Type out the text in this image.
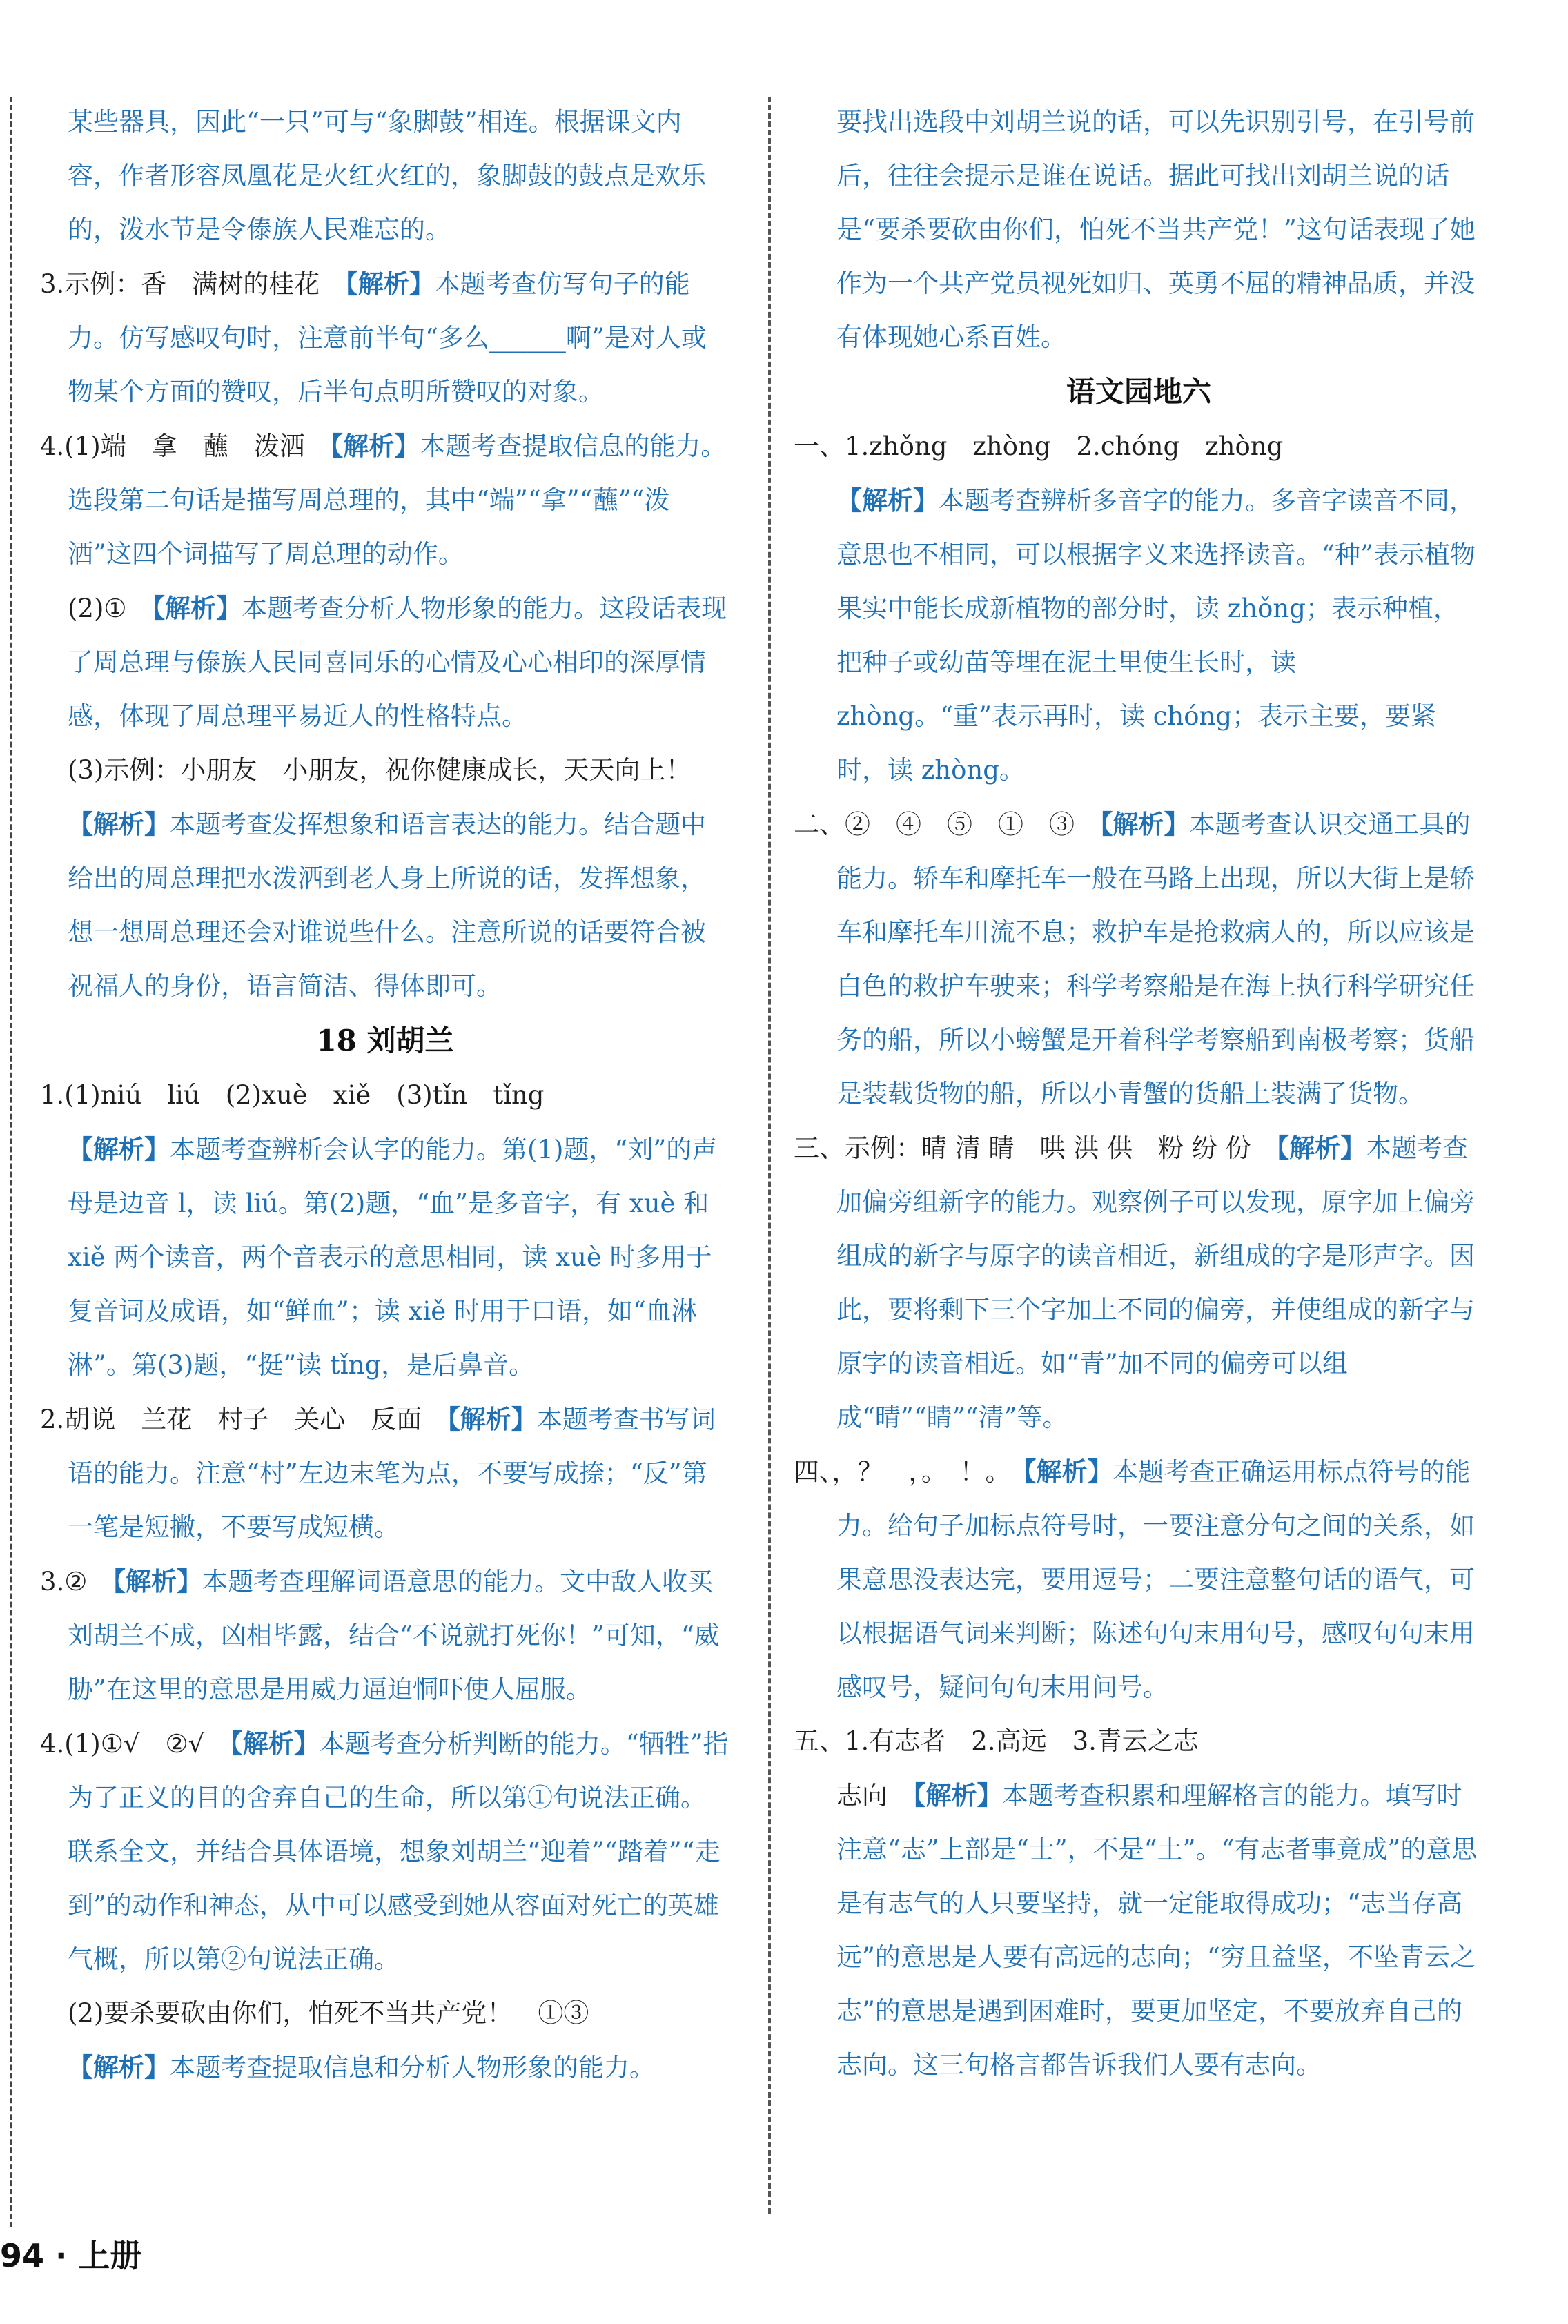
某些器具，因此“一只”可与“象脚鼓”相连。根据课文内容，作者形容凤凰花是火红火红的，象脚鼓的鼓点是欢乐的，泼水节是令傣族人民难忘的。

3.示例：香　满树的桂花　【解析】本题考查仿写句子的能力。仿写感叹句时，注意前半句“多么______啊”是对人或物某个方面的赞叹，后半句点明所赞叹的对象。

4.(1)端　拿　蘸　泼洒　【解析】本题考查提取信息的能力。选段第二句话是描写周总理的，其中“端”“拿”“蘸”“泼洒”这四个词描写了周总理的动作。

(2)①　【解析】本题考查分析人物形象的能力。这段话表现了周总理与傣族人民同喜同乐的心情及心心相印的深厚情感，体现了周总理平易近人的性格特点。

(3)示例：小朋友　小朋友，祝你健康成长，天天向上！

【解析】本题考查发挥想象和语言表达的能力。结合题中给出的周总理把水泼洒到老人身上所说的话，发挥想象，想一想周总理还会对谁说些什么。注意所说的话要符合被祝福人的身份，语言简洁、得体即可。

18 刘胡兰

1.(1)niú　liú　(2)xuè　xiě　(3)tǐn　tǐng

【解析】本题考查辨析会认字的能力。第(1)题，“刘”的声母是边音 l，读 liú。第(2)题，“血”是多音字，有 xuè 和 xiě 两个读音，两个音表示的意思相同，读 xuè 时多用于复音词及成语，如“鲜血”；读 xiě 时用于口语，如“血淋淋”。第(3)题，“挺”读 tǐng，是后鼻音。

2.胡说　兰花　村子　关心　反面　【解析】本题考查书写词语的能力。注意“村”左边末笔为点，不要写成捺；“反”第一笔是短撇，不要写成短横。

3.②　【解析】本题考查理解词语意思的能力。文中敌人收买刘胡兰不成，凶相毕露，结合“不说就打死你！”可知，“威胁”在这里的意思是用威力逼迫恫吓使人屈服。

4.(1)①√　②√　【解析】本题考查分析判断的能力。“牺牲”指为了正义的目的舍弃自己的生命，所以第①句说法正确。联系全文，并结合具体语境，想象刘胡兰“迎着”“踏着”“走到”的动作和神态，从中可以感受到她从容面对死亡的英雄气概，所以第②句说法正确。

(2)要杀要砍由你们，怕死不当共产党！　①③

【解析】本题考查提取信息和分析人物形象的能力。

要找出选段中刘胡兰说的话，可以先识别引号，在引号前后，往往会提示是谁在说话。据此可找出刘胡兰说的话是“要杀要砍由你们，怕死不当共产党！”这句话表现了她作为一个共产党员视死如归、英勇不屈的精神品质，并没有体现她心系百姓。

语文园地六

一、1.zhǒng　zhòng　2.chóng　zhòng

【解析】本题考查辨析多音字的能力。多音字读音不同，意思也不相同，可以根据字义来选择读音。“种”表示植物果实中能长成新植物的部分时，读 zhǒng；表示种植，把种子或幼苗等埋在泥土里使生长时，读 zhòng。“重”表示再时，读 chóng；表示主要，要紧时，读 zhòng。

二、②　④　⑤　①　③　【解析】本题考查认识交通工具的能力。轿车和摩托车一般在马路上出现，所以大街上是轿车和摩托车川流不息；救护车是抢救病人的，所以应该是白色的救护车驶来；科学考察船是在海上执行科学研究任务的船，所以小螃蟹是开着科学考察船到南极考察；货船是装载货物的船，所以小青蟹的货船上装满了货物。

三、示例：晴 清 睛　哄 洪 供　粉 纷 份　【解析】本题考查加偏旁组新字的能力。观察例子可以发现，原字加上偏旁组成的新字与原字的读音相近，新组成的字是形声字。因此，要将剩下三个字加上不同的偏旁，并使组成的新字与原字的读音相近。如“青”加不同的偏旁可以组成“晴”“睛”“清”等。

四、，？　，。　！。　【解析】本题考查正确运用标点符号的能力。给句子加标点符号时，一要注意分句之间的关系，如果意思没表达完，要用逗号；二要注意整句话的语气，可以根据语气词来判断；陈述句句末用句号，感叹句句末用感叹号，疑问句句末用问号。

五、1.有志者　2.高远　3.青云之志

志向　【解析】本题考查积累和理解格言的能力。填写时注意“志”上部是“士”，不是“土”。“有志者事竟成”的意思是有志气的人只要坚持，就一定能取得成功；“志当存高远”的意思是人要有高远的志向；“穷且益坚，不坠青云之志”的意思是遇到困难时，要更加坚定，不要放弃自己的志向。这三句格言都告诉我们人要有志向。

94 · 上册
